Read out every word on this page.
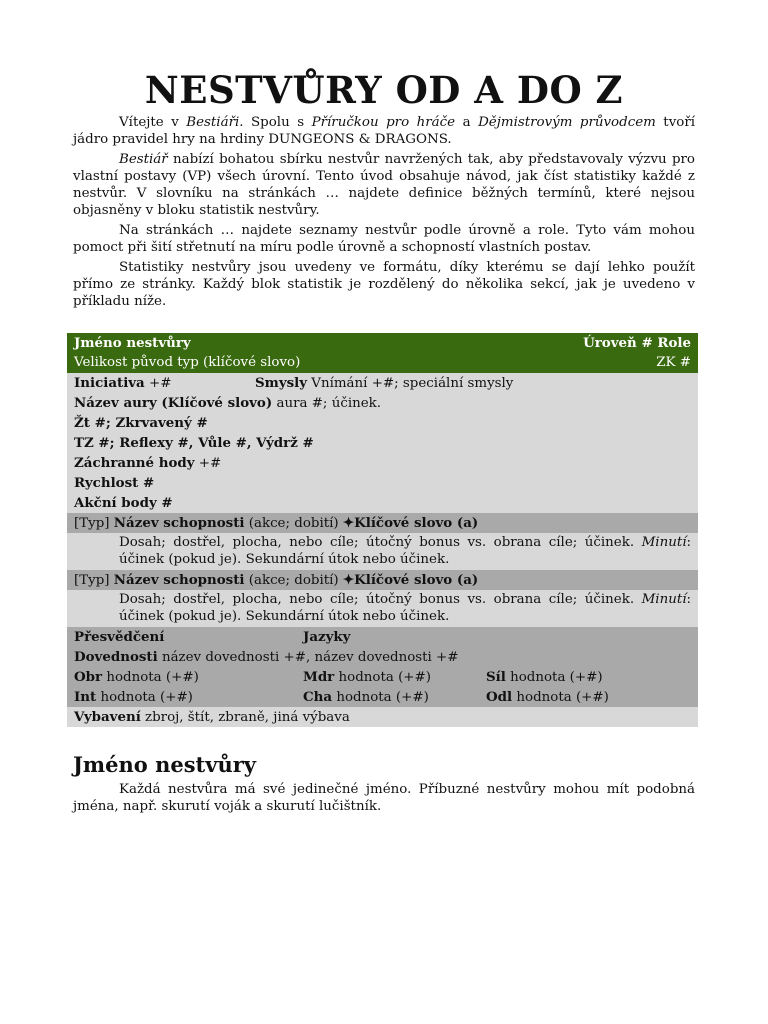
NESTVŮRY OD A DO Z

Vítejte v Bestiáři. Spolu s Příručkou pro hráče a Dějmistrovým průvodcem tvoří jádro pravidel hry na hrdiny DUNGEONS & DRAGONS.

Bestiář nabízí bohatou sbírku nestvůr navržených tak, aby představovaly výzvu pro vlastní postavy (VP) všech úrovní. Tento úvod obsahuje návod, jak číst statistiky každé z nestvůr. V slovníku na stránkách … najdete definice běžných termínů, které nejsou objasněny v bloku statistik nestvůry.

Na stránkách … najdete seznamy nestvůr podle úrovně a role. Tyto vám mohou pomoct při šití střetnutí na míru podle úrovně a schopností vlastních postav.

Statistiky nestvůry jsou uvedeny ve formátu, díky kterému se dají lehko použít přímo ze stránky. Každý blok statistik je rozdělený do několika sekcí, jak je uvedeno v příkladu níže.

Jméno nestvůry	Úroveň # Role
Velikost původ typ (klíčové slovo)	ZK #
Iniciativa +#	Smysly Vnímání +#; speciální smysly
Název aury (Klíčové slovo) aura #; účinek.
Žt #; Zkrvavený #
TZ #; Reflexy #, Vůle #, Výdrž #
Záchranné hody +#
Rychlost #
Akční body #
[Typ] Název schopnosti (akce; dobití) ✦Klíčové slovo (a)
Dosah; dostřel, plocha, nebo cíle; útočný bonus vs. obrana cíle; účinek. Minutí: účinek (pokud je). Sekundární útok nebo účinek.
[Typ] Název schopnosti (akce; dobití) ✦Klíčové slovo (a)
Dosah; dostřel, plocha, nebo cíle; útočný bonus vs. obrana cíle; účinek. Minutí: účinek (pokud je). Sekundární útok nebo účinek.
Přesvědčení	Jazyky
Dovednosti název dovednosti +#, název dovednosti +#
Obr hodnota (+#)	Mdr hodnota (+#)	Síl hodnota (+#)
Int hodnota (+#)	Cha hodnota (+#)	Odl hodnota (+#)
Vybavení zbroj, štít, zbraně, jiná výbava
Jméno nestvůry

Každá nestvůra má své jedinečné jméno. Příbuzné nestvůry mohou mít podobná jména, např. skurutí voják a skurutí lučištník.
